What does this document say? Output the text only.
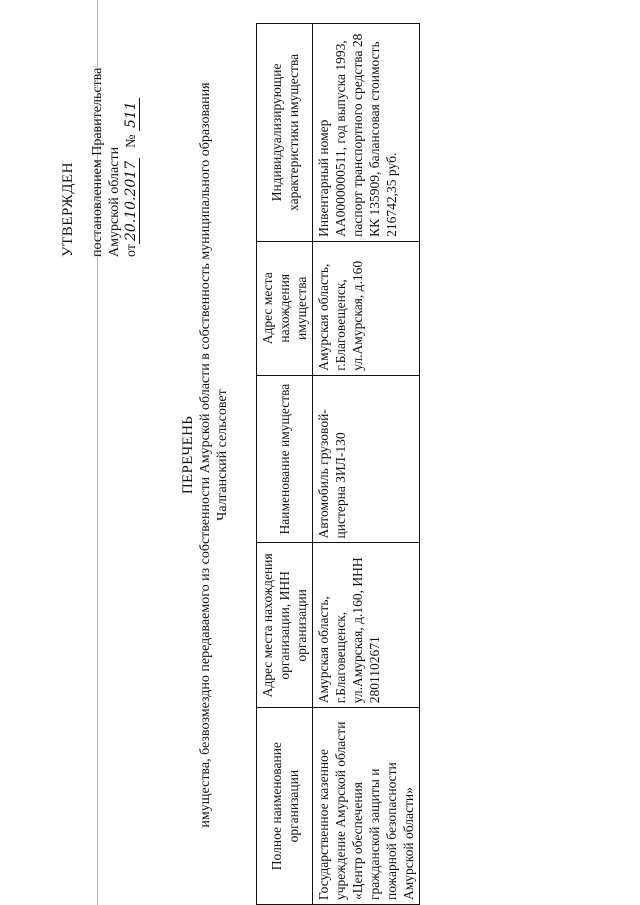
УТВЕРЖДЕН постановлением Правительства Амурской области от20.10.2017№ 511
ПЕРЕЧЕНЬ имущества, безвозмездно передаваемого из собственности Амурской области в собственность муниципального образования Чалганский сельсовет
Полное наименование организации	Адрес места нахождения организации, ИНН организации	Наименование имущества	Адрес места нахождения имущества	Индивидуализирующие характеристики имущества
Государственное казенное учреждение Амурской области «Центр обеспечения гражданской защиты и пожарной безопасности Амурской области»	Амурская область, г.Благовещенск, ул.Амурская, д.160, ИНН 2801102671	Автомобиль грузовой-цистерна ЗИЛ-130	Амурская область, г.Благовещенск, ул.Амурская, д.160	Инвентарный номер АА0000000511, год выпуска 1993, паспорт транспортного средства 28 КК 135909, балансовая стоимость 216742,35 руб.
